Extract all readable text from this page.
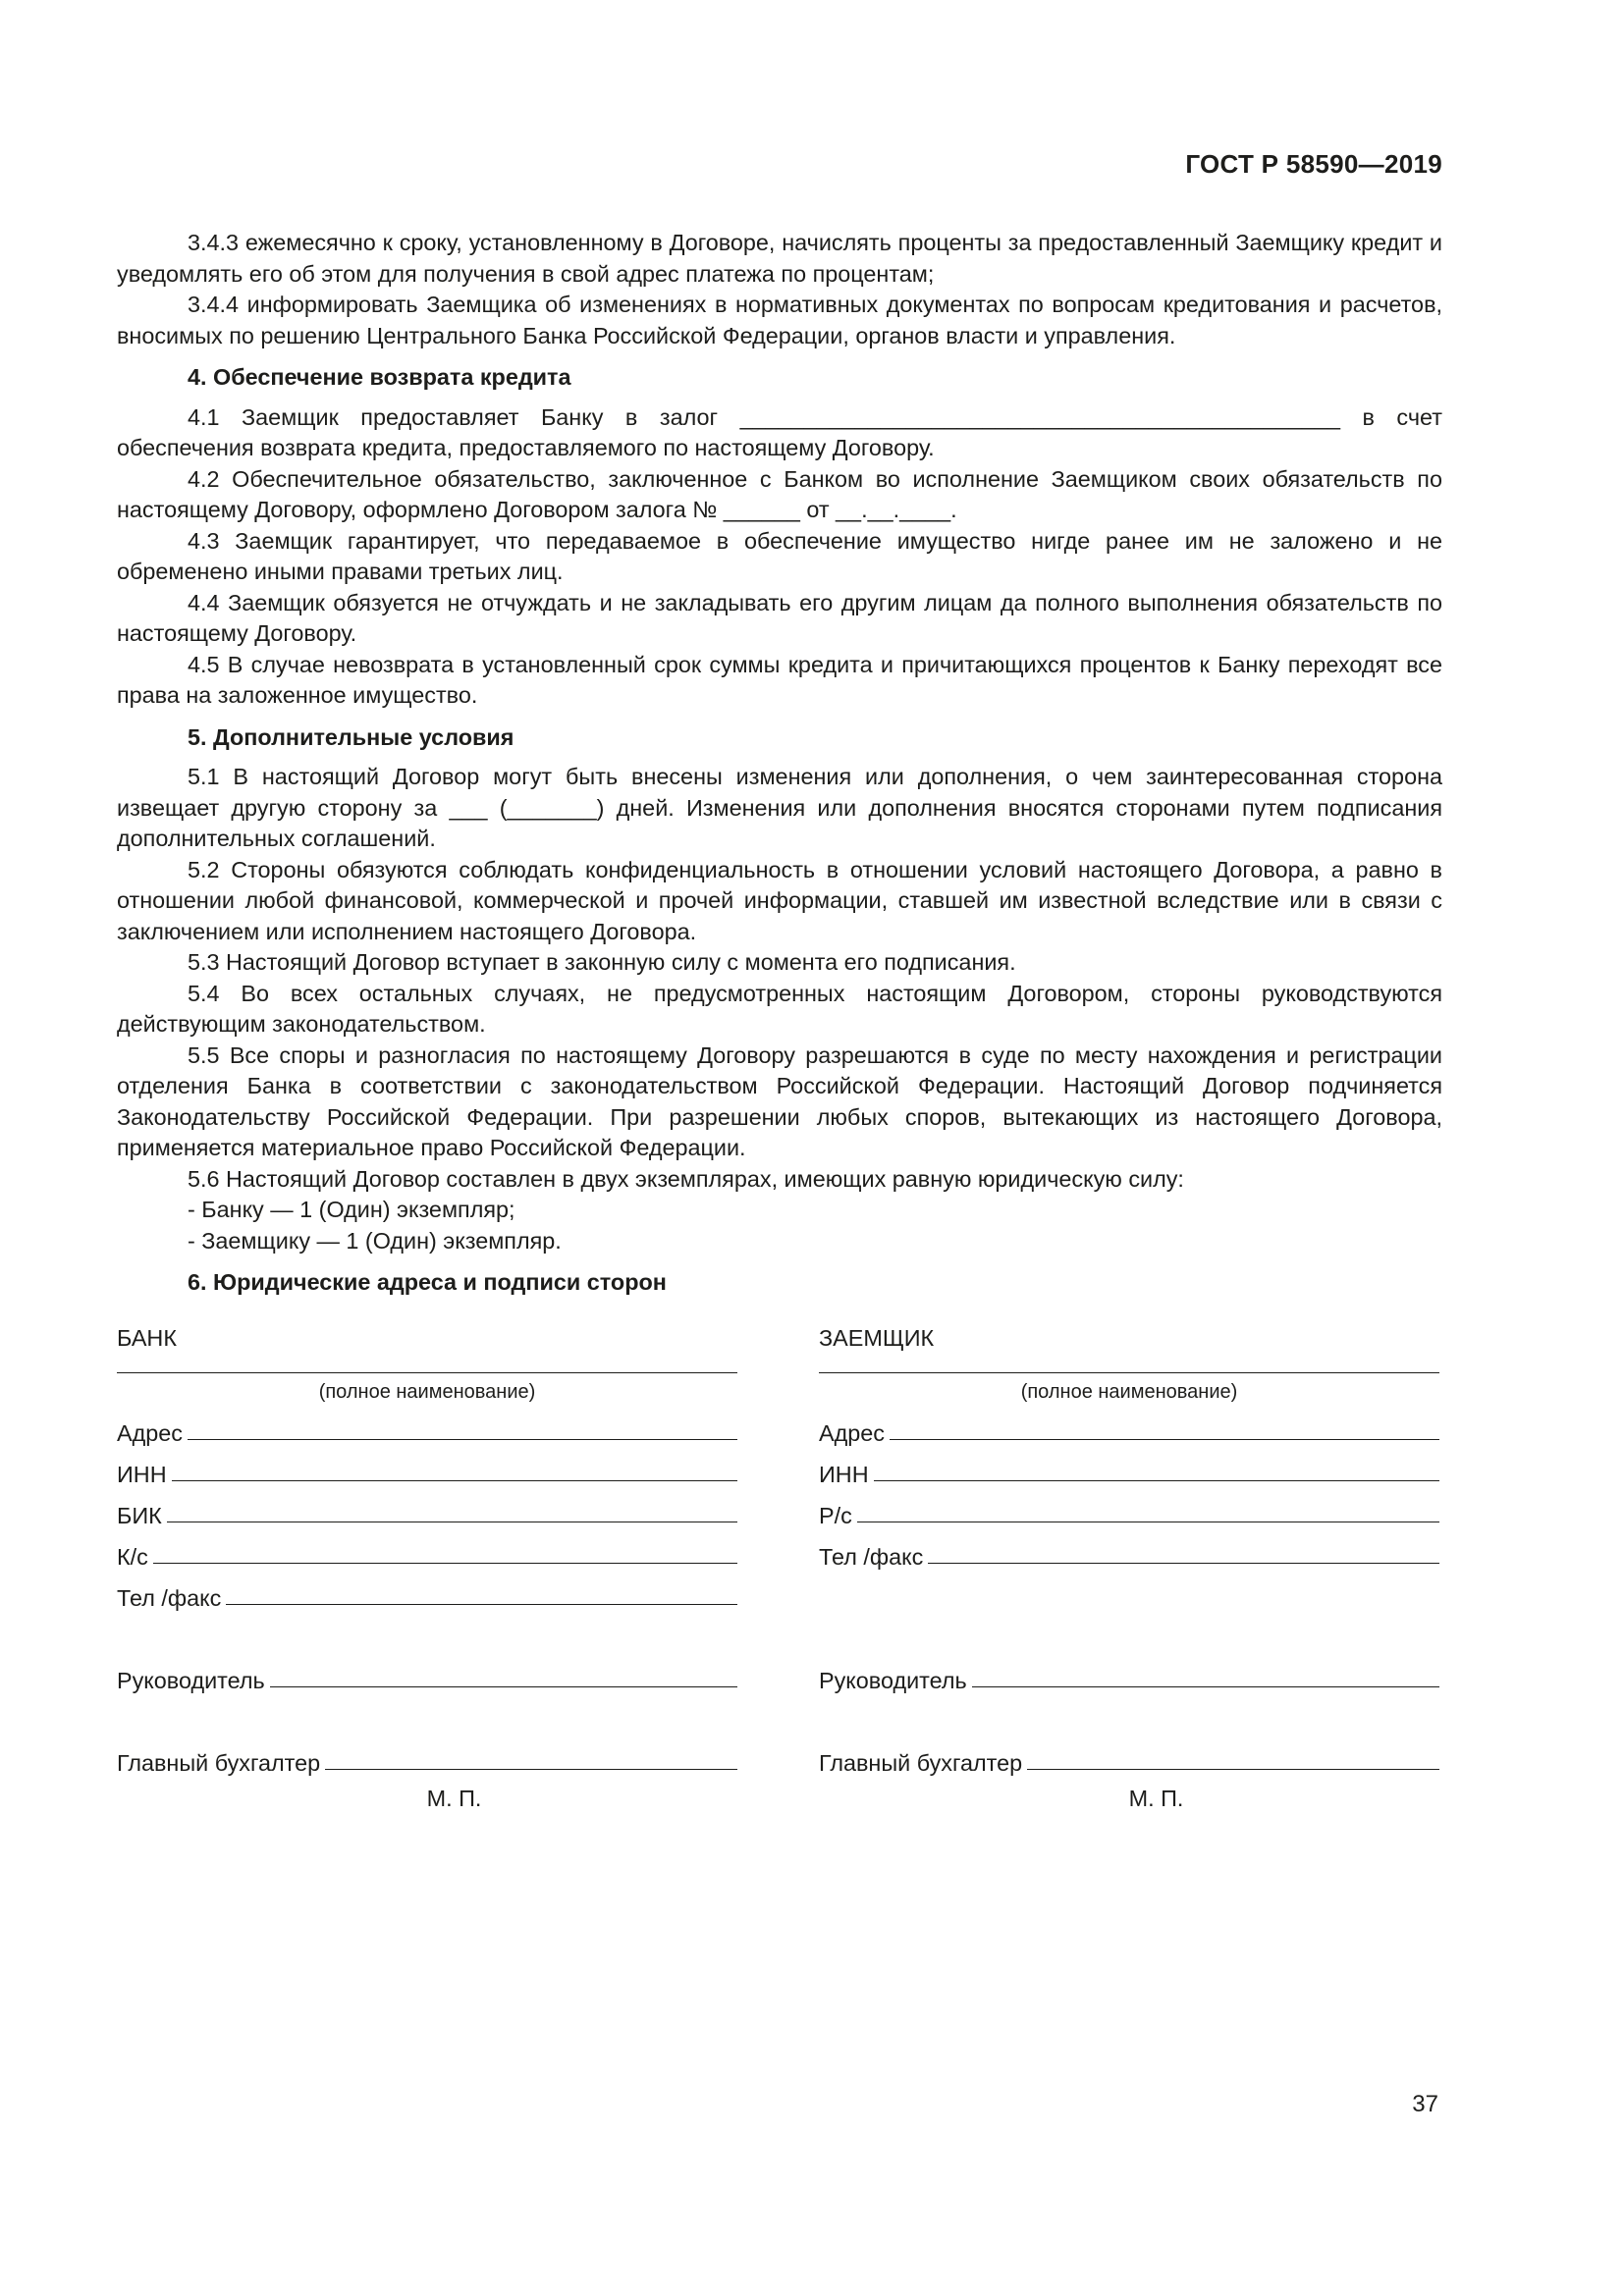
ГОСТ Р 58590—2019

3.4.3 ежемесячно к сроку, установленному в Договоре, начислять проценты за предоставленный Заемщику кредит и уведомлять его об этом для получения в свой адрес платежа по процентам;

3.4.4 информировать Заемщика об изменениях в нормативных документах по вопросам кредитования и расчетов, вносимых по решению Центрального Банка Российской Федерации, органов власти и управления.

4. Обеспечение возврата кредита

4.1 Заемщик предоставляет Банку в залог _______________________________________________ в счет обеспечения возврата кредита, предоставляемого по настоящему Договору.

4.2 Обеспечительное обязательство, заключенное с Банком во исполнение Заемщиком своих обязательств по настоящему Договору, оформлено Договором залога № ______ от __.__.____.

4.3 Заемщик гарантирует, что передаваемое в обеспечение имущество нигде ранее им не заложено и не обременено иными правами третьих лиц.

4.4 Заемщик обязуется не отчуждать и не закладывать его другим лицам да полного выполнения обязательств по настоящему Договору.

4.5 В случае невозврата в установленный срок суммы кредита и причитающихся процентов к Банку переходят все права на заложенное имущество.

5. Дополнительные условия

5.1 В настоящий Договор могут быть внесены изменения или дополнения, о чем заинтересованная сторона извещает другую сторону за ___ (_______) дней. Изменения или дополнения вносятся сторонами путем подписания дополнительных соглашений.

5.2 Стороны обязуются соблюдать конфиденциальность в отношении условий настоящего Договора, а равно в отношении любой финансовой, коммерческой и прочей информации, ставшей им известной вследствие или в связи с заключением или исполнением настоящего Договора.

5.3 Настоящий Договор вступает в законную силу с момента его подписания.

5.4 Во всех остальных случаях, не предусмотренных настоящим Договором, стороны руководствуются действующим законодательством.

5.5 Все споры и разногласия по настоящему Договору разрешаются в суде по месту нахождения и регистрации отделения Банка в соответствии с законодательством Российской Федерации. Настоящий Договор подчиняется Законодательству Российской Федерации. При разрешении любых споров, вытекающих из настоящего Договора, применяется материальное право Российской Федерации.

5.6 Настоящий Договор составлен в двух экземплярах, имеющих равную юридическую силу:

- Банку — 1 (Один) экземпляр;

- Заемщику — 1 (Один) экземпляр.

6. Юридические адреса и подписи сторон

БАНК
(полное наименование)
Адрес
ИНН
БИК
К/с
Тел /факс
Руководитель
Главный бухгалтер
М. П.
ЗАЕМЩИК
(полное наименование)
Адрес
ИНН
Р/с
Тел /факс
Руководитель
Главный бухгалтер
М. П.
37
